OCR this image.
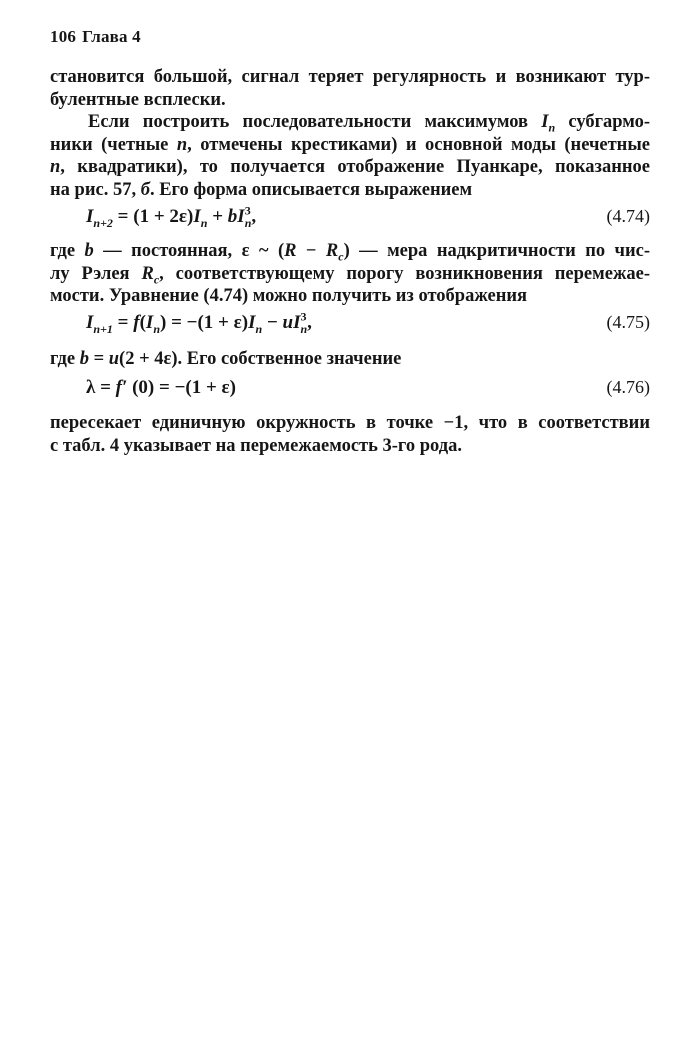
106 Глава 4
становится большой, сигнал теряет регулярность и возникают тур-
булентные всплески.
Если построить последовательности максимумов $I_n$ субгармо-
ники (четные n, отмечены крестиками) и основной моды (нечетные
n, квадратики), то получается отображение Пуанкаре, показанное
на рис. 57, б. Его форма описывается выражением
$I_{n+2} = (1 + 2\varepsilon)I_n + bI^3_n$,	(4.74)
где b — постоянная, ε ~ $(R - R_c)$ — мера надкритичности по чис-
лу Рэлея $R_c$, соответствующему порогу возникновения перемежае-
мости. Уравнение (4.74) можно получить из отображения
$I_{n+1} = f(I_n) = -(1 + \varepsilon)I_n - uI^3_n$,	(4.75)
где b = u(2 + 4ε). Его собственное значение
λ = f′ (0) = −(1 + ε)	(4.76)
пересекает единичную окружность в точке −1, что в соответствии
с табл. 4 указывает на перемежаемость 3-го рода.
